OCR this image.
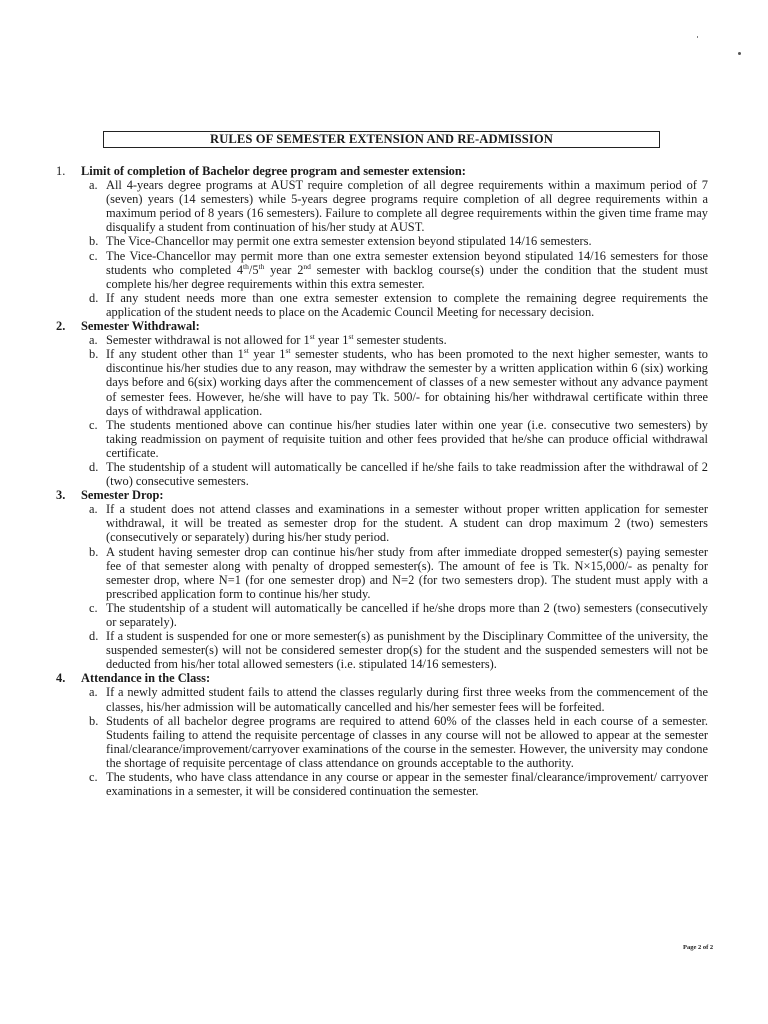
RULES OF SEMESTER EXTENSION AND RE-ADMISSION
1. Limit of completion of Bachelor degree program and semester extension:
a. All 4-years degree programs at AUST require completion of all degree requirements within a maximum period of 7 (seven) years (14 semesters) while 5-years degree programs require completion of all degree requirements within a maximum period of 8 years (16 semesters). Failure to complete all degree requirements within the given time frame may disqualify a student from continuation of his/her study at AUST.
b. The Vice-Chancellor may permit one extra semester extension beyond stipulated 14/16 semesters.
c. The Vice-Chancellor may permit more than one extra semester extension beyond stipulated 14/16 semesters for those students who completed 4th/5th year 2nd semester with backlog course(s) under the condition that the student must complete his/her degree requirements within this extra semester.
d. If any student needs more than one extra semester extension to complete the remaining degree requirements the application of the student needs to place on the Academic Council Meeting for necessary decision.
2. Semester Withdrawal:
a. Semester withdrawal is not allowed for 1st year 1st semester students.
b. If any student other than 1st year 1st semester students, who has been promoted to the next higher semester, wants to discontinue his/her studies due to any reason, may withdraw the semester by a written application within 6 (six) working days before and 6(six) working days after the commencement of classes of a new semester without any advance payment of semester fees. However, he/she will have to pay Tk. 500/- for obtaining his/her withdrawal certificate within three days of withdrawal application.
c. The students mentioned above can continue his/her studies later within one year (i.e. consecutive two semesters) by taking readmission on payment of requisite tuition and other fees provided that he/she can produce official withdrawal certificate.
d. The studentship of a student will automatically be cancelled if he/she fails to take readmission after the withdrawal of 2 (two) consecutive semesters.
3. Semester Drop:
a. If a student does not attend classes and examinations in a semester without proper written application for semester withdrawal, it will be treated as semester drop for the student. A student can drop maximum 2 (two) semesters (consecutively or separately) during his/her study period.
b. A student having semester drop can continue his/her study from after immediate dropped semester(s) paying semester fee of that semester along with penalty of dropped semester(s). The amount of fee is Tk. N×15,000/- as penalty for semester drop, where N=1 (for one semester drop) and N=2 (for two semesters drop). The student must apply with a prescribed application form to continue his/her study.
c. The studentship of a student will automatically be cancelled if he/she drops more than 2 (two) semesters (consecutively or separately).
d. If a student is suspended for one or more semester(s) as punishment by the Disciplinary Committee of the university, the suspended semester(s) will not be considered semester drop(s) for the student and the suspended semesters will not be deducted from his/her total allowed semesters (i.e. stipulated 14/16 semesters).
4. Attendance in the Class:
a. If a newly admitted student fails to attend the classes regularly during first three weeks from the commencement of the classes, his/her admission will be automatically cancelled and his/her semester fees will be forfeited.
b. Students of all bachelor degree programs are required to attend 60% of the classes held in each course of a semester. Students failing to attend the requisite percentage of classes in any course will not be allowed to appear at the semester final/clearance/improvement/carryover examinations of the course in the semester. However, the university may condone the shortage of requisite percentage of class attendance on grounds acceptable to the authority.
c. The students, who have class attendance in any course or appear in the semester final/clearance/improvement/ carryover examinations in a semester, it will be considered continuation the semester.
Page 2 of 2
